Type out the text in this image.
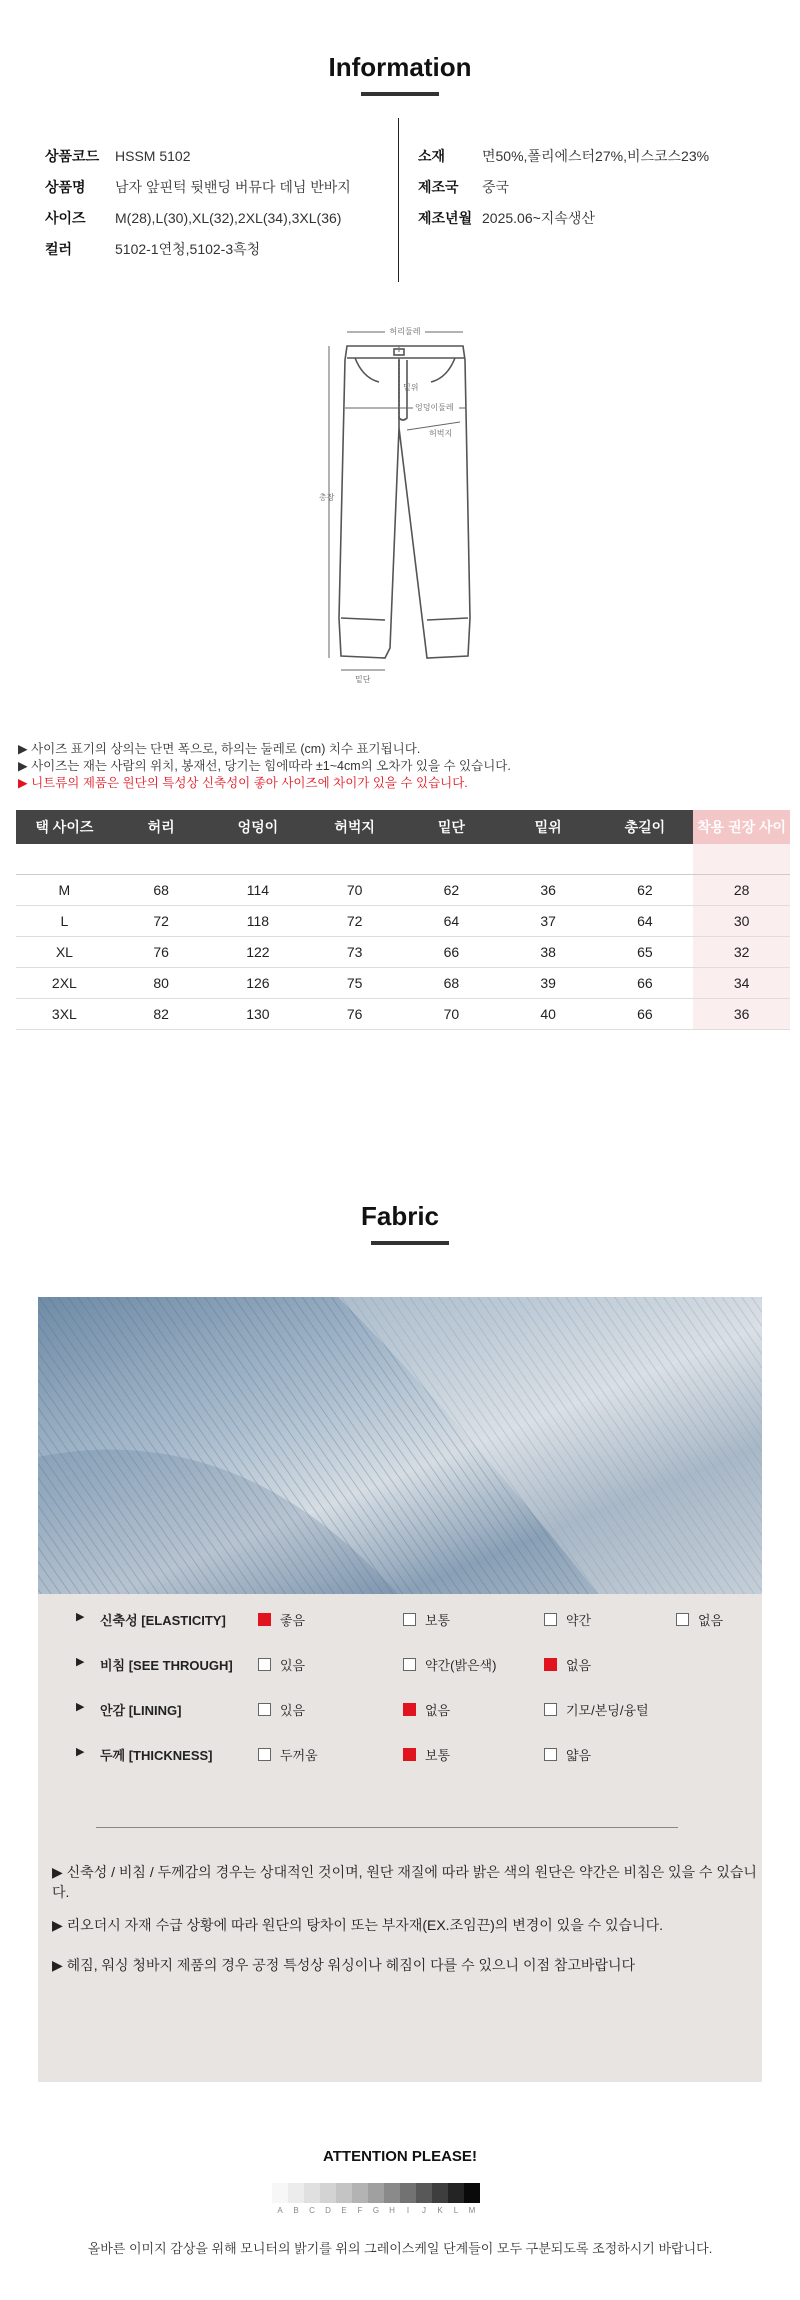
Information
상품코드	HSSM 5102
상품명	남자 앞핀턱 뒷밴딩 버뮤다 데님 반바지
사이즈	M(28),L(30),XL(32),2XL(34),3XL(36)
컬러	5102-1연청,5102-3흑청
소재	면50%,폴리에스터27%,비스코스23%
제조국	중국
제조년월 2025.06~지속생산
허리둘레
밑위
엉덩이둘레
허벅지
총장
밑단
▶ 사이즈 표기의 상의는 단면 폭으로, 하의는 둘레로 (cm) 치수 표기됩니다.
▶ 사이즈는 재는 사람의 위치, 봉재선, 당기는 힘에따라 ±1~4cm의 오차가 있을 수 있습니다.
▶ 니트류의 제품은 원단의 특성상 신축성이 좋아 사이즈에 차이가 있을 수 있습니다.
택 사이즈	허리	엉덩이	허벅지	밑단	밑위	총길이	착용 권장 사이
M	68	114	70	62	36	62	28
L	72	118	72	64	37	64	30
XL	76	122	73	66	38	65	32
2XL	80	126	75	68	39	66	34
3XL	82	130	76	70	40	66	36
Fabric
▶ 신축성 [ELASTICITY]	좋음	보통	약간	없음
▶ 비침 [SEE THROUGH]	있음	약간(밝은색)	없음
▶ 안감 [LINING]	있음	없음	기모/본딩/융털
▶ 두께 [THICKNESS]	두꺼움	보통	얇음
▶ 신축성 / 비침 / 두께감의 경우는 상대적인 것이며, 원단 재질에 따라 밝은 색의 원단은 약간은 비침은 있을 수 있습니다.
▶ 리오더시 자재 수급 상황에 따라 원단의 탕차이 또는 부자재(EX.조임끈)의 변경이 있을 수 있습니다.
▶ 헤짐, 워싱 청바지 제품의 경우 공정 특성상 워싱이나 헤짐이 다를 수 있으니 이점 참고바랍니다
ATTENTION PLEASE!
A	B	C	D	E	F	G	H	I	J	K	L	M
올바른 이미지 감상을 위해 모니터의 밝기를 위의 그레이스케일 단계들이 모두 구분되도록 조정하시기 바랍니다.
